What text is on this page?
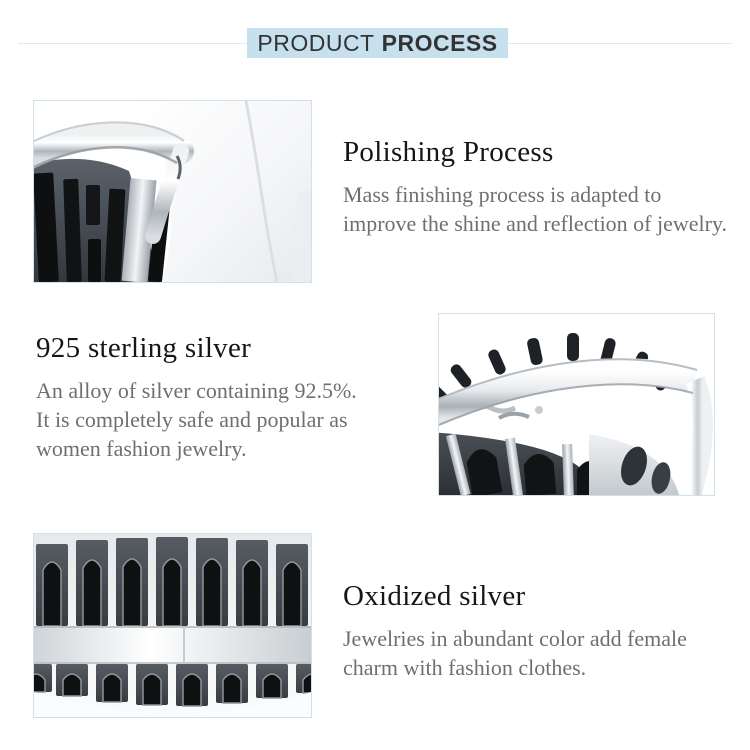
PRODUCT PROCESS
Polishing Process

Mass finishing process is adapted to
improve the shine and reflection of jewelry.

925 sterling silver

An alloy of silver containing 92.5%.
It is completely safe and popular as
women fashion jewelry.

Oxidized silver

Jewelries in abundant color add female
charm with fashion clothes.
